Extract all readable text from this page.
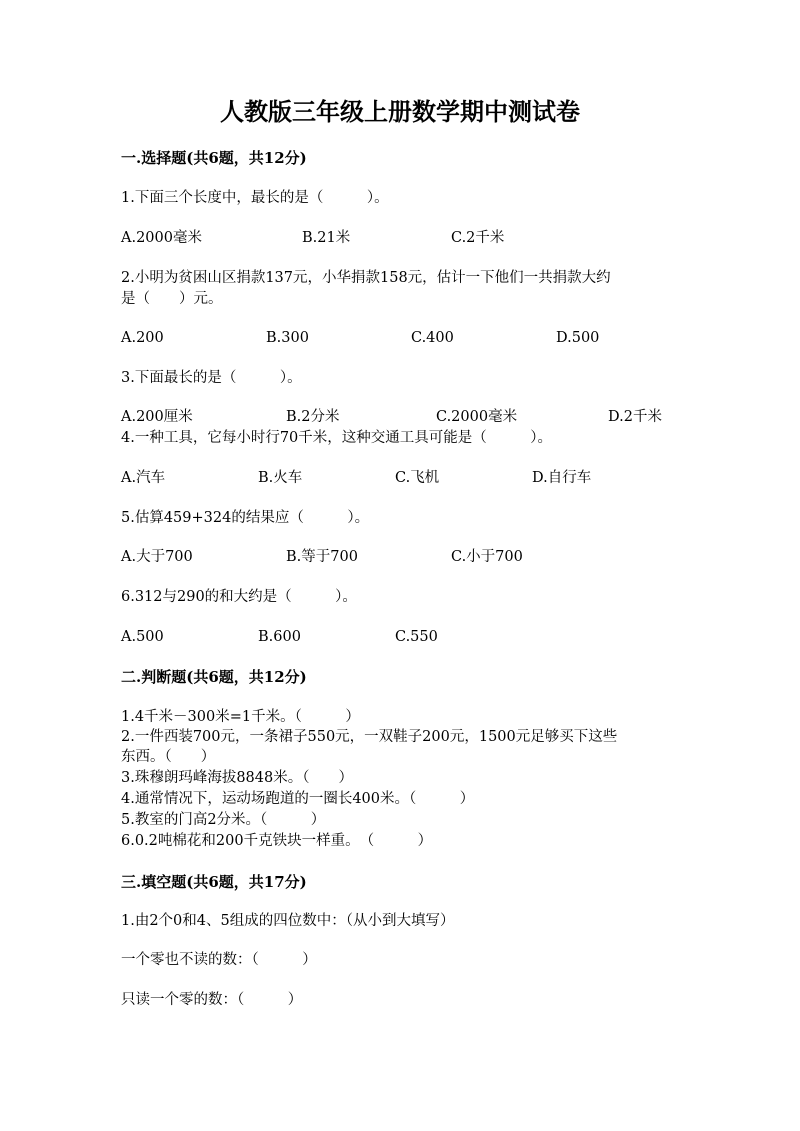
人教版三年级上册数学期中测试卷
一.选择题(共6题，共12分)
1.下面三个长度中，最长的是（　　　）。
A.2000毫米	B.21米	C.2千米
2.小明为贫困山区捐款137元，小华捐款158元，估计一下他们一共捐款大约
是（　　）元。
A.200	B.300	C.400	D.500
3.下面最长的是（　　　）。
A.200厘米	B.2分米	C.2000毫米	D.2千米
4.一种工具，它每小时行70千米，这种交通工具可能是（　　　）。
A.汽车	B.火车	C.飞机	D.自行车
5.估算459+324的结果应（　　　）。
A.大于700	B.等于700	C.小于700
6.312与290的和大约是（　　　）。
A.500	B.600	C.550
二.判断题(共6题，共12分)
1.4千米－300米=1千米。（　　　）
2.一件西装700元，一条裙子550元，一双鞋子200元，1500元足够买下这些
东西。（　　）
3.珠穆朗玛峰海拔8848米。（　　）
4.通常情况下，运动场跑道的一圈长400米。（　　　）
5.教室的门高2分米。（　　　）
6.0.2吨棉花和200千克铁块一样重。　（　　　）
三.填空题(共6题，共17分)
1.由2个0和4、5组成的四位数中：（从小到大填写）
一个零也不读的数：（　　　）
只读一个零的数：（　　　）
